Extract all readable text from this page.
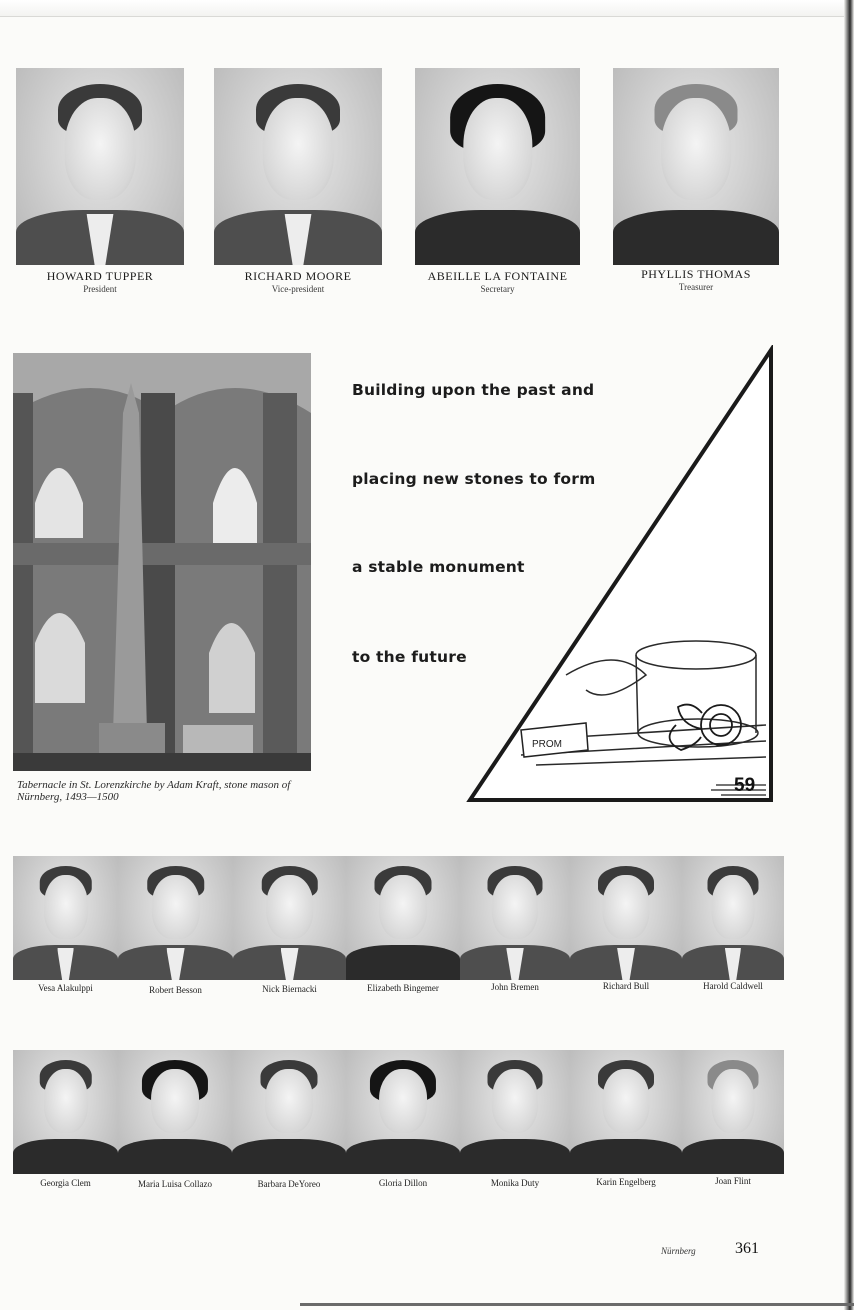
HOWARD TUPPER
President
RICHARD MOORE
Vice-president
ABEILLE LA FONTAINE
Secretary
PHYLLIS THOMAS
Treasurer
Tabernacle in St. Lorenzkirche by Adam Kraft, stone mason of Nürnberg, 1493—1500
Building upon the past and
placing new stones to form
a stable monument
to the future
PROM
59
Vesa Alakulppi	Robert Besson	Nick Biernacki	Elizabeth Bingemer	John Bremen	Richard Bull	Harold Caldwell
Georgia Clem	Maria Luisa Collazo	Barbara DeYoreo	Gloria Dillon	Monika Duty	Karin Engelberg	Joan Flint
Nürnberg 361
